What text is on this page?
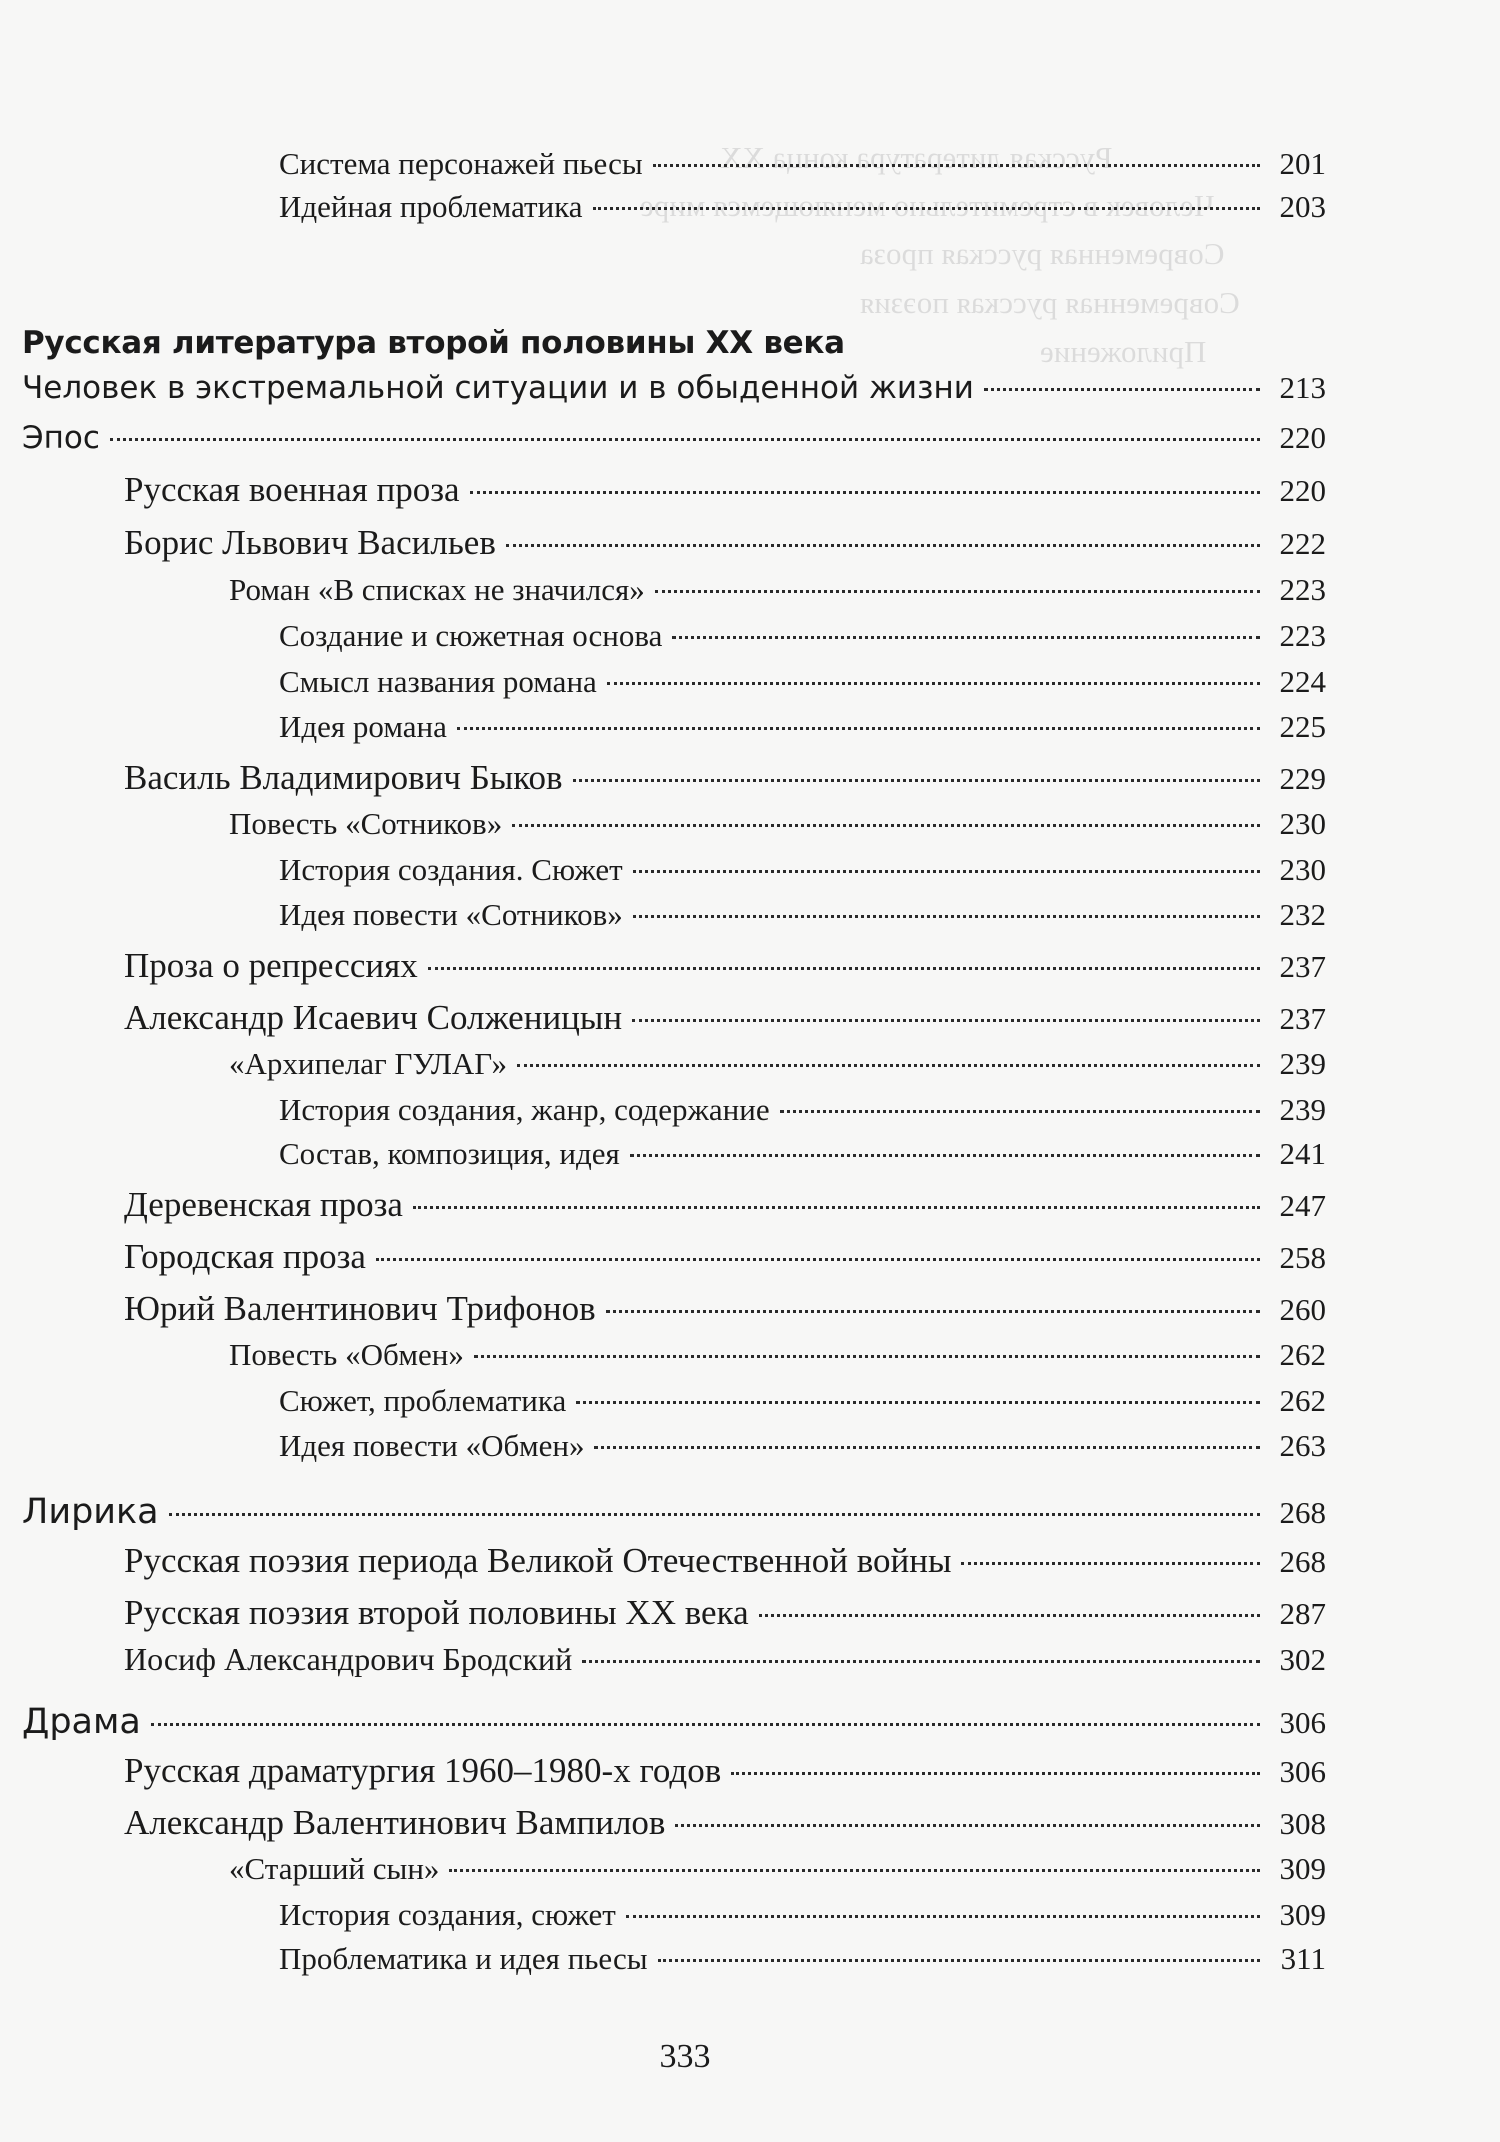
Русская литература конца XX
Человек в стремительно меняющемся мире
Современная русская проза
Современная русская поэзия
Приложение
Система персонажей пьесы	201
Идейная проблематика	203
Русская литература второй половины XX века
Человек в экстремальной ситуации и в обыденной жизни	213
Эпос	220
Русская военная проза	220
Борис Львович Васильев	222
Роман «В списках не значился»	223
Создание и сюжетная основа	223
Смысл названия романа	224
Идея романа	225
Василь Владимирович Быков	229
Повесть «Сотников»	230
История создания. Сюжет	230
Идея повести «Сотников»	232
Проза о репрессиях	237
Александр Исаевич Солженицын	237
«Архипелаг ГУЛАГ»	239
История создания, жанр, содержание	239
Состав, композиция, идея	241
Деревенская проза	247
Городская проза	258
Юрий Валентинович Трифонов	260
Повесть «Обмен»	262
Сюжет, проблематика	262
Идея повести «Обмен»	263
Лирика	268
Русская поэзия периода Великой Отечественной войны	268
Русская поэзия второй половины XX века	287
Иосиф Александрович Бродский	302
Драма	306
Русская драматургия 1960–1980-х годов	306
Александр Валентинович Вампилов	308
«Старший сын»	309
История создания, сюжет	309
Проблематика и идея пьесы	311
333
